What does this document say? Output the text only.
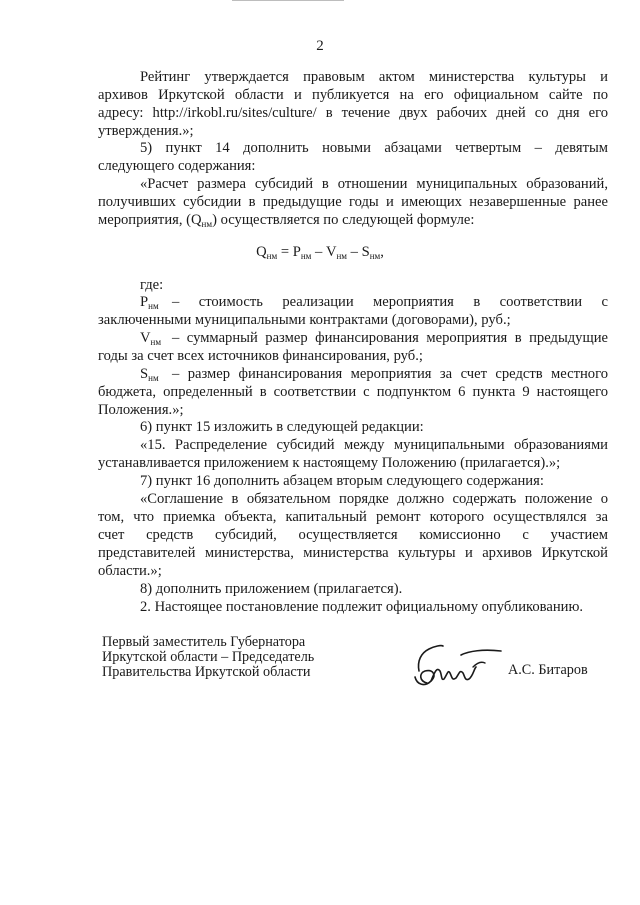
2
Рейтинг утверждается правовым актом министерства культуры и
архивов Иркутской области и публикуется на его официальном сайте по
адресу: http://irkobl.ru/sites/culture/ в течение двух рабочих дней со дня его
утверждения.»;
5) пункт 14 дополнить новыми абзацами четвертым – девятым
следующего содержания:
«Расчет размера субсидий в отношении муниципальных образований,
получивших субсидии в предыдущие годы и имеющих незавершенные ранее
мероприятия, $(Q_{нм})$ осуществляется по следующей формуле:
$Q_{нм} = P_{нм} - V_{нм} - S_{нм}$,
где:
$P_{нм}$ – стоимость реализации мероприятия в соответствии с
заключенными муниципальными контрактами (договорами), руб.;
$V_{нм}$ – суммарный размер финансирования мероприятия в предыдущие
годы за счет всех источников финансирования, руб.;
$S_{нм}$ – размер финансирования мероприятия за счет средств местного
бюджета, определенный в соответствии с подпунктом 6 пункта 9 настоящего
Положения.»;
6) пункт 15 изложить в следующей редакции:
«15. Распределение субсидий между муниципальными образованиями
устанавливается приложением к настоящему Положению (прилагается).»;
7) пункт 16 дополнить абзацем вторым следующего содержания:
«Соглашение в обязательном порядке должно содержать положение о
том, что приемка объекта, капитальный ремонт которого осуществлялся за
счет средств субсидий, осуществляется комиссионно с участием
представителей министерства, министерства культуры и архивов Иркутской
области.»;
8) дополнить приложением (прилагается).
2. Настоящее постановление подлежит официальному опубликованию.
Первый заместитель Губернатора
Иркутской области – Председатель
Правительства Иркутской области	А.С. Битаров
